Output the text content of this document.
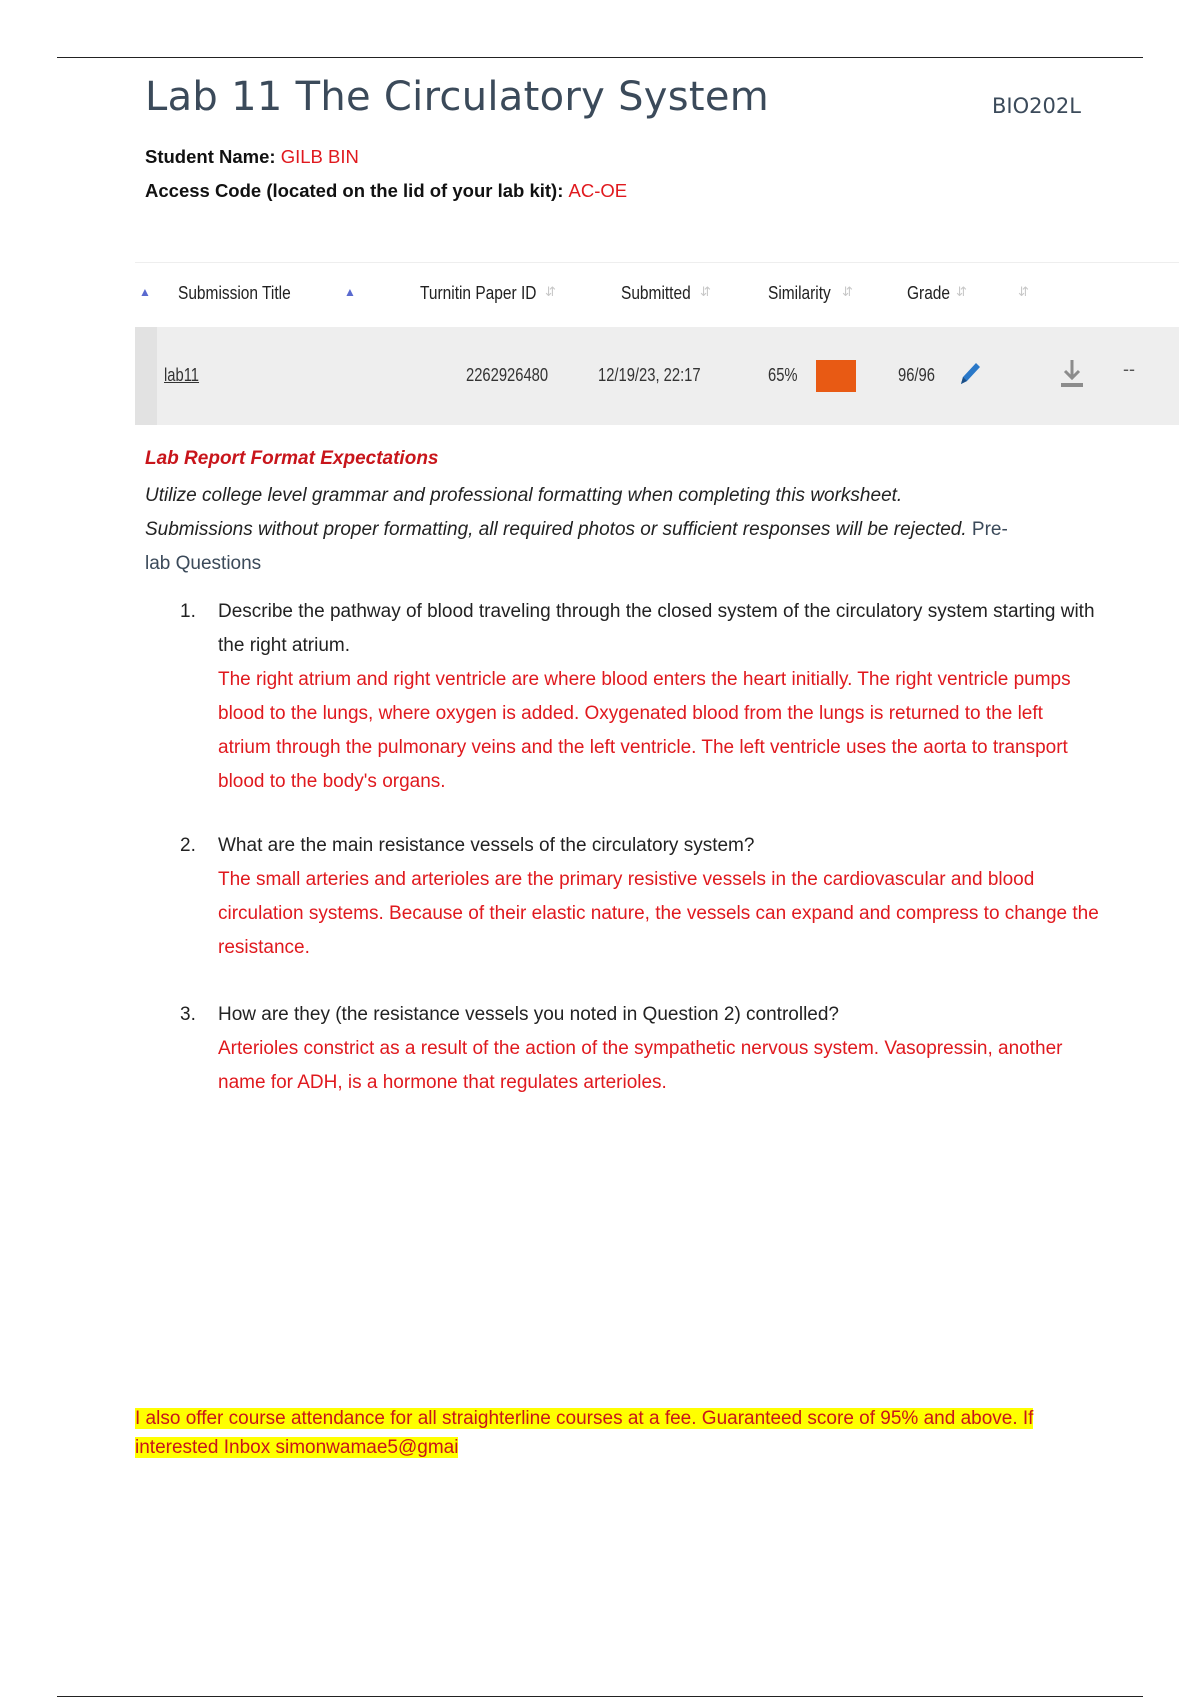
Lab 11 The Circulatory System	BIO202L
Student Name: GILB BIN
Access Code (located on the lid of your lab kit): AC-OE
▲ Submission Title	▲	Turnitin Paper ID ⇵	Submitted ⇵	Similarity ⇵	Grade ⇵	⇵
lab11	2262926480	12/19/23, 22:17	65%	96/96	--
Lab Report Format Expectations
Utilize college level grammar and professional formatting when completing this worksheet.
Submissions without proper formatting, all required photos or sufficient responses will be rejected. Pre-
lab Questions
1. Describe the pathway of blood traveling through the closed system of the circulatory system starting with the right atrium.
The right atrium and right ventricle are where blood enters the heart initially. The right ventricle pumps blood to the lungs, where oxygen is added. Oxygenated blood from the lungs is returned to the left atrium through the pulmonary veins and the left ventricle. The left ventricle uses the aorta to transport blood to the body's organs.
2. What are the main resistance vessels of the circulatory system?
The small arteries and arterioles are the primary resistive vessels in the cardiovascular and blood circulation systems. Because of their elastic nature, the vessels can expand and compress to change the resistance.
3. How are they (the resistance vessels you noted in Question 2) controlled?
Arterioles constrict as a result of the action of the sympathetic nervous system. Vasopressin, another name for ADH, is a hormone that regulates arterioles.
I also offer course attendance for all straighterline courses at a fee. Guaranteed score of 95% and above. If
interested Inbox simonwamae5@gmai
